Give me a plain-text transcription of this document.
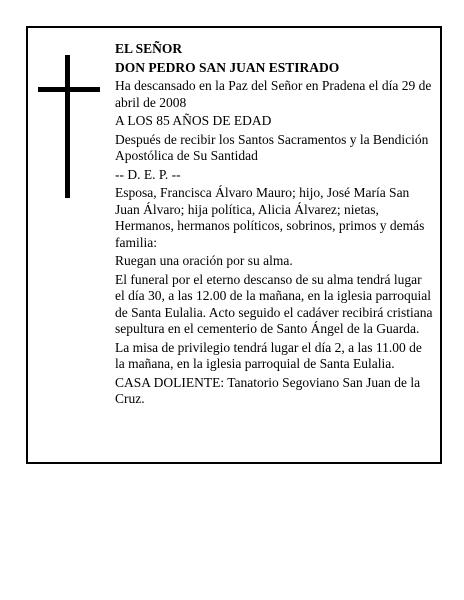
EL SEÑOR

DON PEDRO SAN JUAN ESTIRADO

Ha descansado en la Paz del Señor en Pradena el día 29 de abril de 2008

A LOS 85 AÑOS DE EDAD

Después de recibir los Santos Sacramentos y la Bendición Apostólica de Su Santidad

-- D. E. P. --

Esposa, Francisca Álvaro Mauro; hijo, José María San Juan Álvaro; hija política, Alicia Álvarez; nietas, Hermanos, hermanos políticos, sobrinos, primos y demás familia:

Ruegan una oración por su alma.

El funeral por el eterno descanso de su alma tendrá lugar el día 30, a las 12.00 de la mañana, en la iglesia parroquial de Santa Eulalia. Acto seguido el cadáver recibirá cristiana sepultura en el cementerio de Santo Ángel de la Guarda.

La misa de privilegio tendrá lugar el día 2, a las 11.00 de la mañana, en la iglesia parroquial de Santa Eulalia.

CASA DOLIENTE: Tanatorio Segoviano San Juan de la Cruz.
